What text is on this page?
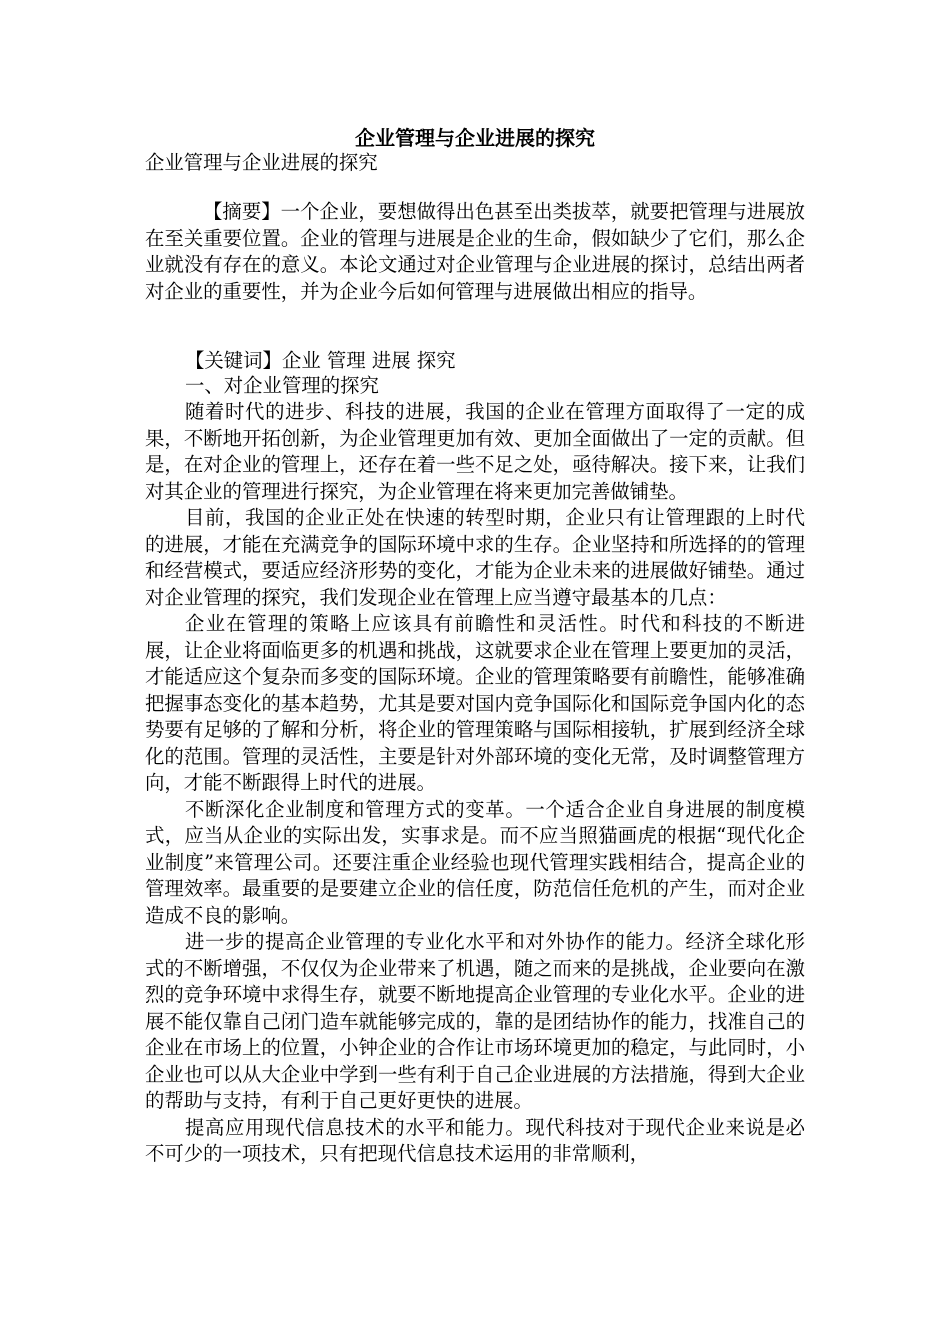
企业管理与企业进展的探究

企业管理与企业进展的探究

【摘要】一个企业，要想做得出色甚至出类拔萃，就要把管理与进展放在至关重要位置。企业的管理与进展是企业的生命，假如缺少了它们，那么企业就没有存在的意义。本论文通过对企业管理与企业进展的探讨，总结出两者对企业的重要性，并为企业今后如何管理与进展做出相应的指导。

【关键词】企业 管理 进展 探究

一、对企业管理的探究

随着时代的进步、科技的进展，我国的企业在管理方面取得了一定的成果，不断地开拓创新，为企业管理更加有效、更加全面做出了一定的贡献。但是，在对企业的管理上，还存在着一些不足之处，亟待解决。接下来，让我们对其企业的管理进行探究，为企业管理在将来更加完善做铺垫。

目前，我国的企业正处在快速的转型时期，企业只有让管理跟的上时代的进展，才能在充满竞争的国际环境中求的生存。企业坚持和所选择的的管理和经营模式，要适应经济形势的变化，才能为企业未来的进展做好铺垫。通过对企业管理的探究，我们发现企业在管理上应当遵守最基本的几点：

企业在管理的策略上应该具有前瞻性和灵活性。时代和科技的不断进展，让企业将面临更多的机遇和挑战，这就要求企业在管理上要更加的灵活，才能适应这个复杂而多变的国际环境。企业的管理策略要有前瞻性，能够准确把握事态变化的基本趋势，尤其是要对国内竞争国际化和国际竞争国内化的态势要有足够的了解和分析，将企业的管理策略与国际相接轨，扩展到经济全球化的范围。管理的灵活性，主要是针对外部环境的变化无常，及时调整管理方向，才能不断跟得上时代的进展。

不断深化企业制度和管理方式的变革。一个适合企业自身进展的制度模式，应当从企业的实际出发，实事求是。而不应当照猫画虎的根据“现代化企业制度”来管理公司。还要注重企业经验也现代管理实践相结合，提高企业的管理效率。最重要的是要建立企业的信任度，防范信任危机的产生，而对企业造成不良的影响。

进一步的提高企业管理的专业化水平和对外协作的能力。经济全球化形式的不断增强，不仅仅为企业带来了机遇，随之而来的是挑战，企业要向在激烈的竞争环境中求得生存，就要不断地提高企业管理的专业化水平。企业的进展不能仅靠自己闭门造车就能够完成的，靠的是团结协作的能力，找准自己的企业在市场上的位置，小钟企业的合作让市场环境更加的稳定，与此同时，小企业也可以从大企业中学到一些有利于自己企业进展的方法措施，得到大企业的帮助与支持，有利于自己更好更快的进展。

提高应用现代信息技术的水平和能力。现代科技对于现代企业来说是必不可少的一项技术，只有把现代信息技术运用的非常顺利，
